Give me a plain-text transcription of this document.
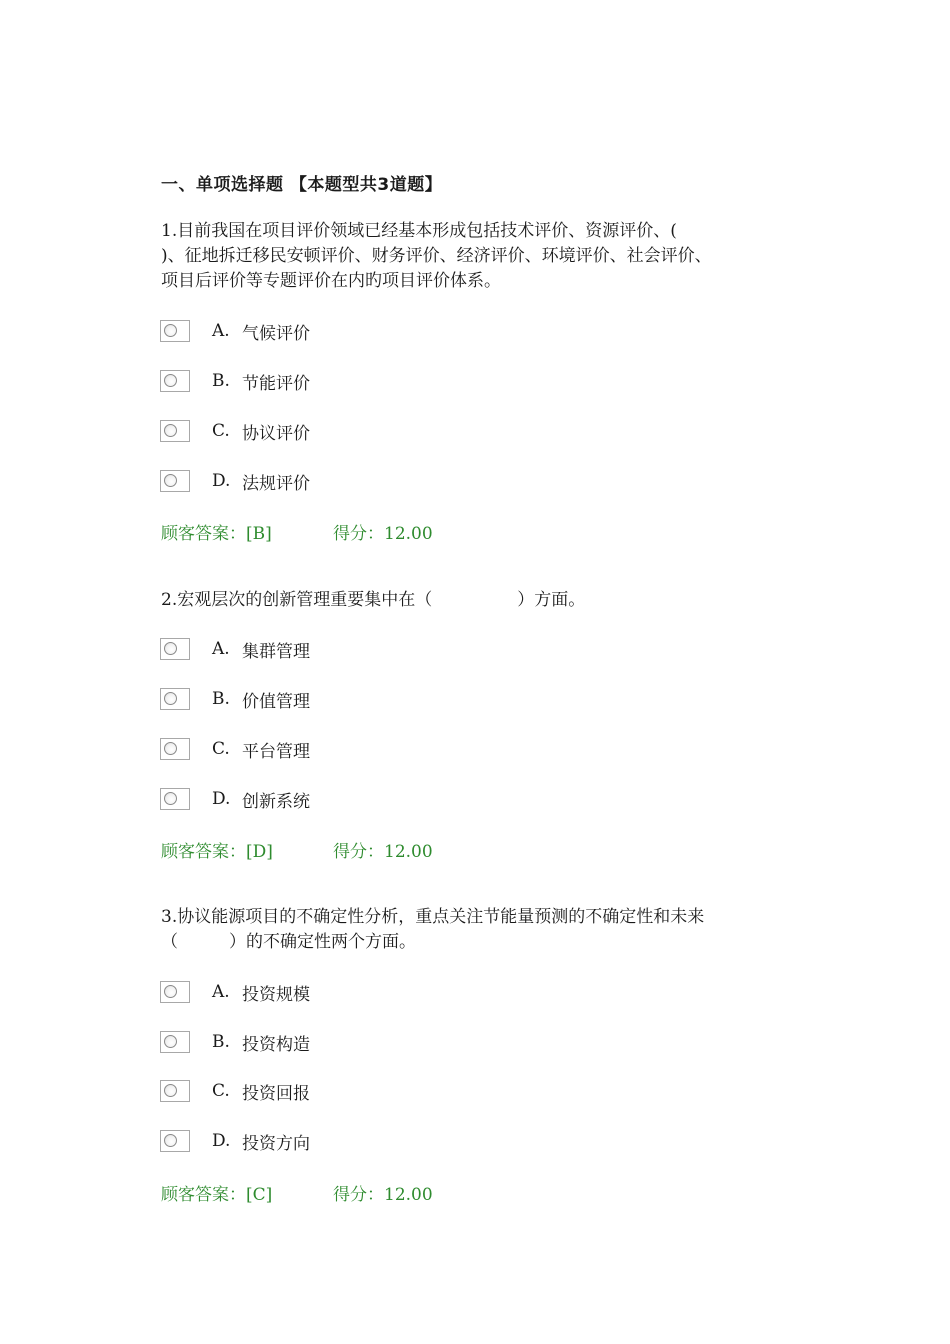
一、单项选择题 【本题型共3道题】
1.目前我国在项目评价领域已经基本形成包括技术评价、资源评价、(
)、征地拆迁移民安顿评价、财务评价、经济评价、环境评价、社会评价、
项目后评价等专题评价在内旳项目评价体系。
A. 气候评价
B. 节能评价
C. 协议评价
D. 法规评价
顾客答案：[B]	得分：12.00
2.宏观层次的创新管理重要集中在（　　　　　）方面。
A. 集群管理
B. 价值管理
C. 平台管理
D. 创新系统
顾客答案：[D]	得分：12.00
3.协议能源项目的不确定性分析，重点关注节能量预测的不确定性和未来
（　　　）的不确定性两个方面。
A. 投资规模
B. 投资构造
C. 投资回报
D. 投资方向
顾客答案：[C]	得分：12.00
